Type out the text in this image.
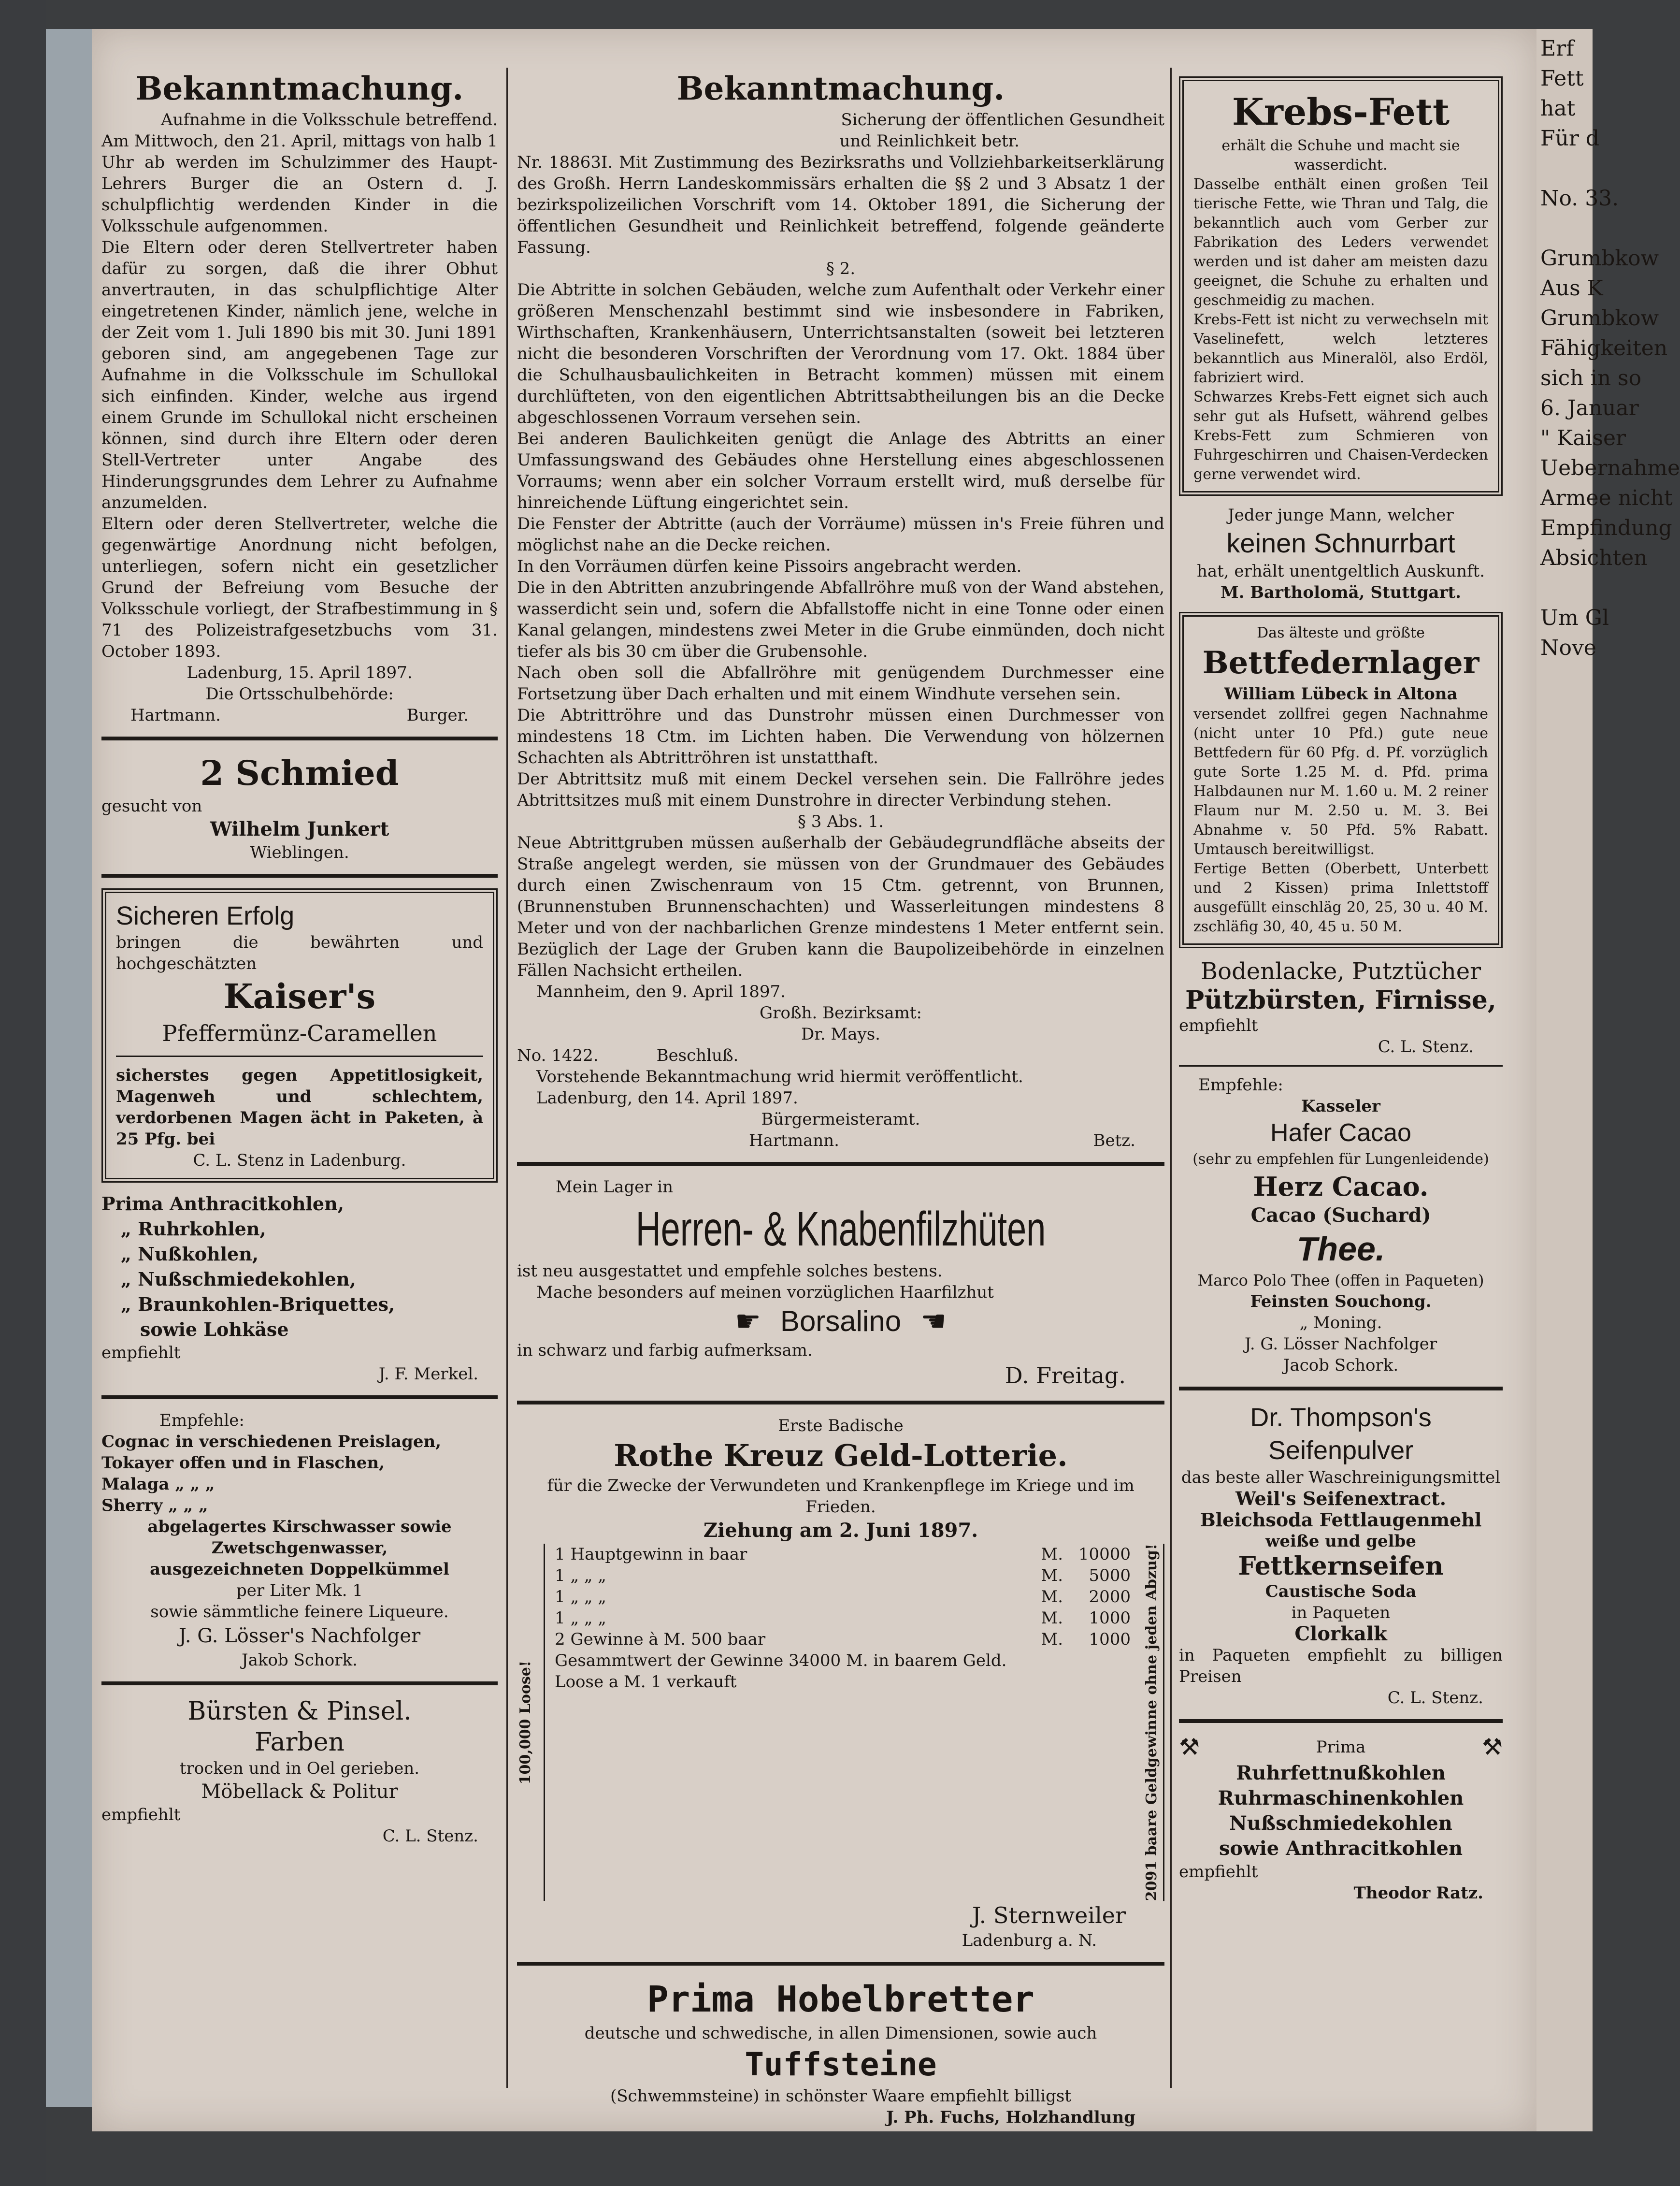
Erf
Fett
hat
Für d

No. 33.

Grumbkow
Aus K
Grumbkow
Fähigkeiten
sich in so
6. Januar
" Kaiser
Uebernahme
Armee nicht
Empfindung
Absichten

Um Gl
Nove

Bekanntmachung.

Aufnahme in die Volksschule betreffend.

Am Mittwoch, den 21. April, mittags von halb 1 Uhr ab werden im Schulzimmer des Haupt-Lehrers Burger die an Ostern d. J. schulpflichtig werdenden Kinder in die Volksschule aufgenommen.

Die Eltern oder deren Stellvertreter haben dafür zu sorgen, daß die ihrer Obhut anvertrauten, in das schulpflichtige Alter eingetretenen Kinder, nämlich jene, welche in der Zeit vom 1. Juli 1890 bis mit 30. Juni 1891 geboren sind, am angegebenen Tage zur Aufnahme in die Volksschule im Schullokal sich einfinden. Kinder, welche aus irgend einem Grunde im Schullokal nicht erscheinen können, sind durch ihre Eltern oder deren Stell-Vertreter unter Angabe des Hinderungsgrundes dem Lehrer zu Aufnahme anzumelden.

Eltern oder deren Stellvertreter, welche die gegenwärtige Anordnung nicht befolgen, unterliegen, sofern nicht ein gesetzlicher Grund der Befreiung vom Besuche der Volksschule vorliegt, der Strafbestimmung in § 71 des Polizeistrafgesetzbuchs vom 31. October 1893.

Ladenburg, 15. April 1897.

Die Ortsschulbehörde:

Hartmann.	Burger.

2 Schmied

gesucht von

Wilhelm Junkert

Wieblingen.

Sicheren Erfolg

bringen die bewährten und hochgeschätzten

Kaiser's

Pfeffermünz-Caramellen

sicherstes gegen Appetitlosigkeit, Magenweh und schlechtem, verdorbenen Magen ächt in Paketen, à 25 Pfg. bei

C. L. Stenz in Ladenburg.

Prima Anthracitkohlen,

„ Ruhrkohlen,

„ Nußkohlen,

„ Nußschmiedekohlen,

„ Braunkohlen-Briquettes,

sowie Lohkäse

empfiehlt

J. F. Merkel.

Empfehle:

Cognac in verschiedenen Preislagen,

Tokayer offen und in Flaschen,

Malaga „ „ „

Sherry „ „ „

abgelagertes Kirschwasser sowie Zwetschgenwasser,

ausgezeichneten Doppelkümmel

per Liter Mk. 1

sowie sämmtliche feinere Liqueure.

J. G. Lösser's Nachfolger

Jakob Schork.

Bürsten & Pinsel.

Farben

trocken und in Oel gerieben.

Möbellack & Politur

empfiehlt

C. L. Stenz.

Bekanntmachung.

Sicherung der öffentlichen Gesundheit

und Reinlichkeit betr.

Nr. 18863I. Mit Zustimmung des Bezirksraths und Vollziehbarkeitserklärung des Großh. Herrn Landeskommissärs erhalten die §§ 2 und 3 Absatz 1 der bezirkspolizeilichen Vorschrift vom 14. Oktober 1891, die Sicherung der öffentlichen Gesundheit und Reinlichkeit betreffend, folgende geänderte Fassung.

§ 2.

Die Abtritte in solchen Gebäuden, welche zum Aufenthalt oder Verkehr einer größeren Menschenzahl bestimmt sind wie insbesondere in Fabriken, Wirthschaften, Krankenhäusern, Unterrichtsanstalten (soweit bei letzteren nicht die besonderen Vorschriften der Verordnung vom 17. Okt. 1884 über die Schulhausbaulichkeiten in Betracht kommen) müssen mit einem durchlüfteten, von den eigentlichen Abtrittsabtheilungen bis an die Decke abgeschlossenen Vorraum versehen sein.

Bei anderen Baulichkeiten genügt die Anlage des Abtritts an einer Umfassungswand des Gebäudes ohne Herstellung eines abgeschlossenen Vorraums; wenn aber ein solcher Vorraum erstellt wird, muß derselbe für hinreichende Lüftung eingerichtet sein.

Die Fenster der Abtritte (auch der Vorräume) müssen in's Freie führen und möglichst nahe an die Decke reichen.

In den Vorräumen dürfen keine Pissoirs angebracht werden.

Die in den Abtritten anzubringende Abfallröhre muß von der Wand abstehen, wasserdicht sein und, sofern die Abfallstoffe nicht in eine Tonne oder einen Kanal gelangen, mindestens zwei Meter in die Grube einmünden, doch nicht tiefer als bis 30 cm über die Grubensohle.

Nach oben soll die Abfallröhre mit genügendem Durchmesser eine Fortsetzung über Dach erhalten und mit einem Windhute versehen sein.

Die Abtrittröhre und das Dunstrohr müssen einen Durchmesser von mindestens 18 Ctm. im Lichten haben. Die Verwendung von hölzernen Schachten als Abtrittröhren ist unstatthaft.

Der Abtrittsitz muß mit einem Deckel versehen sein. Die Fallröhre jedes Abtrittsitzes muß mit einem Dunstrohre in directer Verbindung stehen.

§ 3 Abs. 1.

Neue Abtrittgruben müssen außerhalb der Gebäudegrundfläche abseits der Straße angelegt werden, sie müssen von der Grundmauer des Gebäudes durch einen Zwischenraum von 15 Ctm. getrennt, von Brunnen, (Brunnenstuben Brunnenschachten) und Wasserleitungen mindestens 8 Meter und von der nachbarlichen Grenze mindestens 1 Meter entfernt sein. Bezüglich der Lage der Gruben kann die Baupolizeibehörde in einzelnen Fällen Nachsicht ertheilen.

Mannheim, den 9. April 1897.

Großh. Bezirksamt:

Dr. Mays.

No. 1422.	Beschluß.

Vorstehende Bekanntmachung wrid hiermit veröffentlicht.

Ladenburg, den 14. April 1897.

Bürgermeisteramt.

Hartmann.	Betz.

Mein Lager in

Herren- & Knabenfilzhüten

ist neu ausgestattet und empfehle solches bestens.

Mache besonders auf meinen vorzüglichen Haarfilzhut

☛ Borsalino ☚

in schwarz und farbig aufmerksam.

D. Freitag.

Erste Badische

Rothe Kreuz Geld-Lotterie.

für die Zwecke der Verwundeten und Krankenpflege im Kriege und im Frieden.

Ziehung am 2. Juni 1897.

100,000 Loose!
1 Hauptgewinn in baar	M. 10000
1 „ „ „	M.	5000
1 „ „ „	M.	2000
1 „ „ „	M.	1000
2 Gewinne à M. 500 baar	M.	1000

Gesammtwert der Gewinne 34000 M. in baarem Geld.

Loose a M. 1 verkauft	2091 baare Geldgewinne ohne jeden Abzug!

J. Sternweiler

Ladenburg a. N.

Prima Hobelbretter

deutsche und schwedische, in allen Dimensionen, sowie auch

Tuffsteine

(Schwemmsteine) in schönster Waare empfiehlt billigst

J. Ph. Fuchs, Holzhandlung

Krebs-Fett

erhält die Schuhe und macht sie wasserdicht.

Dasselbe enthält einen großen Teil tierische Fette, wie Thran und Talg, die bekanntlich auch vom Gerber zur Fabrikation des Leders verwendet werden und ist daher am meisten dazu geeignet, die Schuhe zu erhalten und geschmeidig zu machen.

Krebs-Fett ist nicht zu verwechseln mit Vaselinefett, welch letzteres bekanntlich aus Mineralöl, also Erdöl, fabriziert wird.

Schwarzes Krebs-Fett eignet sich auch sehr gut als Hufsett, während gelbes Krebs-Fett zum Schmieren von Fuhrgeschirren und Chaisen-Verdecken gerne verwendet wird.

Jeder junge Mann, welcher

keinen Schnurrbart

hat, erhält unentgeltlich Auskunft.

M. Bartholomä, Stuttgart.

Das älteste und größte

Bettfedernlager

William Lübeck in Altona

versendet zollfrei gegen Nachnahme (nicht unter 10 Pfd.) gute neue Bettfedern für 60 Pfg. d. Pf. vorzüglich gute Sorte 1.25 M. d. Pfd. prima Halbdaunen nur M. 1.60 u. M. 2 reiner Flaum nur M. 2.50 u. M. 3. Bei Abnahme v. 50 Pfd. 5% Rabatt. Umtausch bereitwilligst.

Fertige Betten (Oberbett, Unterbett und 2 Kissen) prima Inlettstoff ausgefüllt einschläg 20, 25, 30 u. 40 M. zschläfig 30, 40, 45 u. 50 M.

Bodenlacke, Putztücher

Pützbürsten, Firnisse,

empfiehlt

C. L. Stenz.

Empfehle:

Kasseler

Hafer Cacao

(sehr zu empfehlen für Lungenleidende)

Herz Cacao.

Cacao (Suchard)

Thee.

Marco Polo Thee (offen in Paqueten)

Feinsten Souchong.

„ Moning.

J. G. Lösser Nachfolger

Jacob Schork.

Dr. Thompson's

Seifenpulver

das beste aller Waschreinigungsmittel

Weil's Seifenextract.

Bleichsoda Fettlaugenmehl

weiße und gelbe

Fettkernseifen

Caustische Soda

in Paqueten

Clorkalk

in Paqueten empfiehlt zu billigen Preisen

C. L. Stenz.

⚒	Prima	⚒

Ruhrfettnußkohlen

Ruhrmaschinenkohlen

Nußschmiedekohlen

sowie Anthracitkohlen

empfiehlt

Theodor Ratz.
